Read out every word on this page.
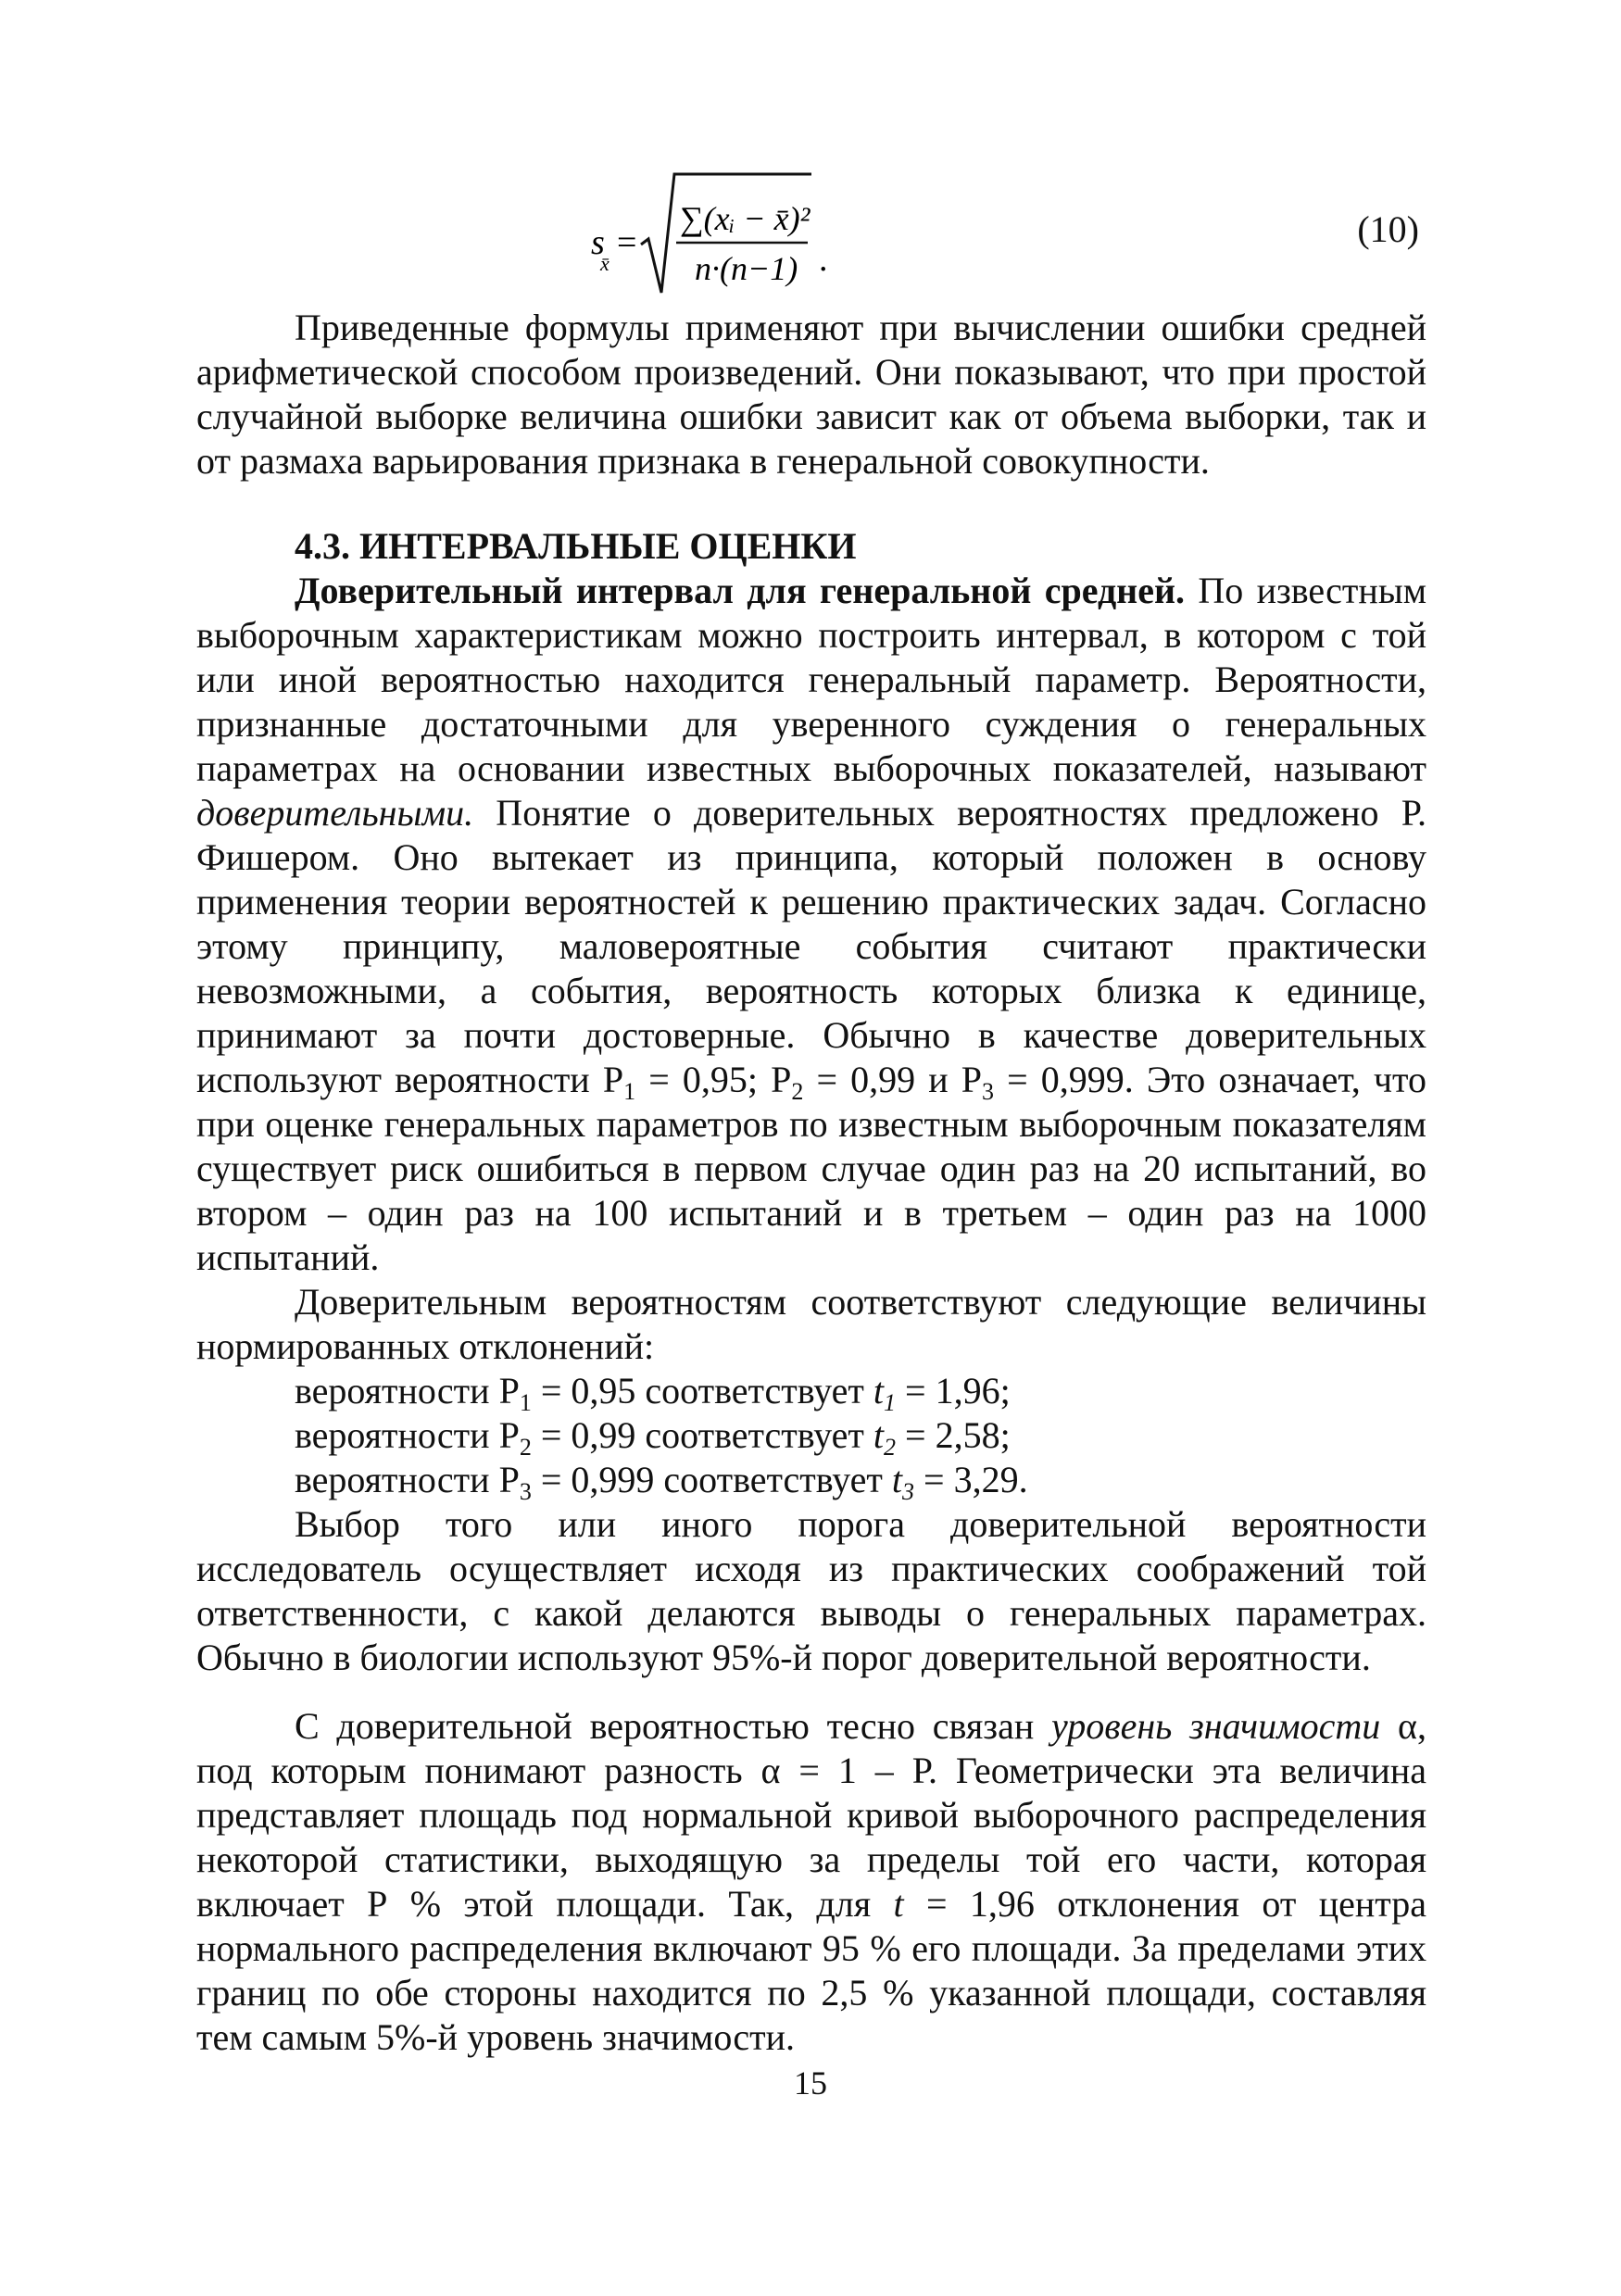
s
x̄
=
∑(xᵢ − x̄)²
n·(n−1) .
(10)

Приведенные формулы применяют при вычислении ошибки средней арифметической способом произведений. Они показывают, что при простой случайной выборке величина ошибки зависит как от объема выборки, так и от размаха варьирования признака в генеральной совокупности.

4.3. ИНТЕРВАЛЬНЫЕ ОЦЕНКИ

Доверительный интервал для генеральной средней. По известным выборочным характеристикам можно построить интервал, в котором с той или иной вероятностью находится генеральный параметр. Вероятности, признанные достаточными для уверенного суждения о генеральных параметрах на основании известных выборочных показателей, называют доверительными. Понятие о доверительных вероятностях предложено Р. Фишером. Оно вытекает из принципа, который положен в основу применения теории вероятностей к решению практических задач. Согласно этому принципу, маловероятные события считают практически невозможными, а события, вероятность которых близка к единице, принимают за почти достоверные. Обычно в качестве доверительных используют вероятности $Р_1 = 0,95$; $Р_2 = 0,99$ и $Р_3 = 0,999$. Это означает, что при оценке генеральных параметров по известным выборочным показателям существует риск ошибиться в первом случае один раз на 20 испытаний, во втором – один раз на 100 испытаний и в третьем – один раз на 1000 испытаний.

Доверительным вероятностям соответствуют следующие величины нормированных отклонений:

вероятности $Р_1 = 0,95$ соответствует $t_1 = 1,96$;
вероятности $Р_2 = 0,99$ соответствует $t_2 = 2,58$;
вероятности $Р_3 = 0,999$ соответствует $t_3 = 3,29$.

Выбор того или иного порога доверительной вероятности исследователь осуществляет исходя из практических соображений той ответственности, с какой делаются выводы о генеральных параметрах. Обычно в биологии используют 95%-й порог доверительной вероятности.

С доверительной вероятностью тесно связан уровень значимости α, под которым понимают разность α = 1 – Р. Геометрически эта величина представляет площадь под нормальной кривой выборочного распределения некоторой статистики, выходящую за пределы той его части, которая включает Р % этой площади. Так, для t = 1,96 отклонения от центра нормального распределения включают 95 % его площади. За пределами этих границ по обе стороны находится по 2,5 % указанной площади, составляя тем самым 5%-й уровень значимости.

15
